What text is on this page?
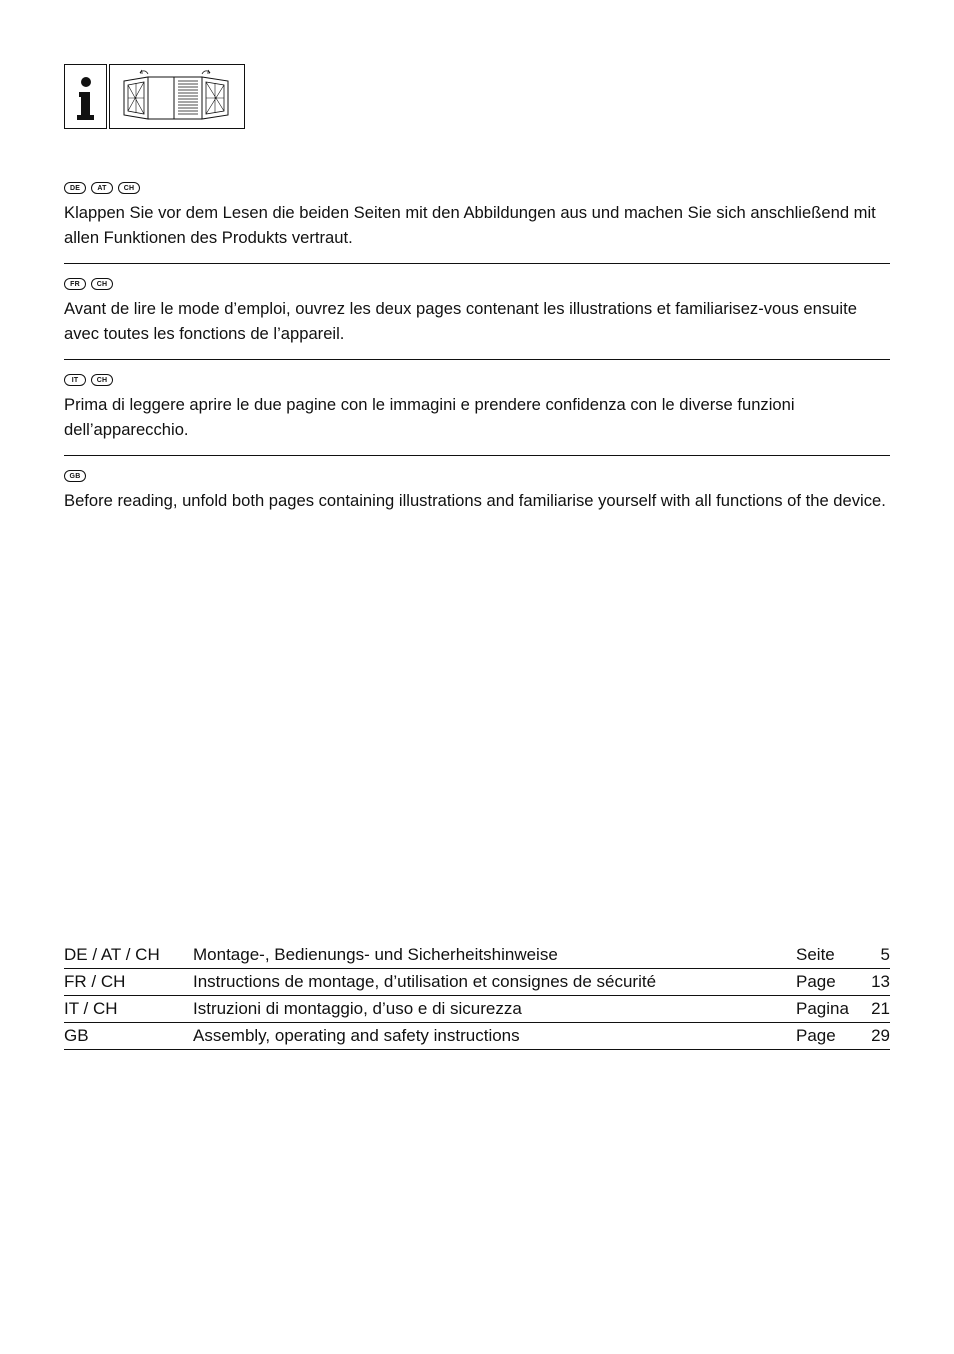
DE	AT	CH

Klappen Sie vor dem Lesen die beiden Seiten mit den Abbildungen aus und machen Sie sich anschließend mit allen Funktionen des Produkts vertraut.

FR	CH

Avant de lire le mode d’emploi, ouvrez les deux pages contenant les illustrations et familiarisez-vous ensuite avec toutes les fonctions de l’appareil.

IT	CH

Prima di leggere aprire le due pagine con le immagini e prendere confidenza con le diverse funzioni dell’apparecchio.

GB

Before reading, unfold both pages containing illustrations and familiarise yourself with all functions of the device.

DE / AT / CH	Montage-, Bedienungs- und Sicherheitshinweise	Seite	5
FR / CH	Instructions de montage, d’utilisation et consignes de sécurité	Page	13
IT / CH	Istruzioni di montaggio, d’uso e di sicurezza	Pagina	21
GB	Assembly, operating and safety instructions	Page	29
